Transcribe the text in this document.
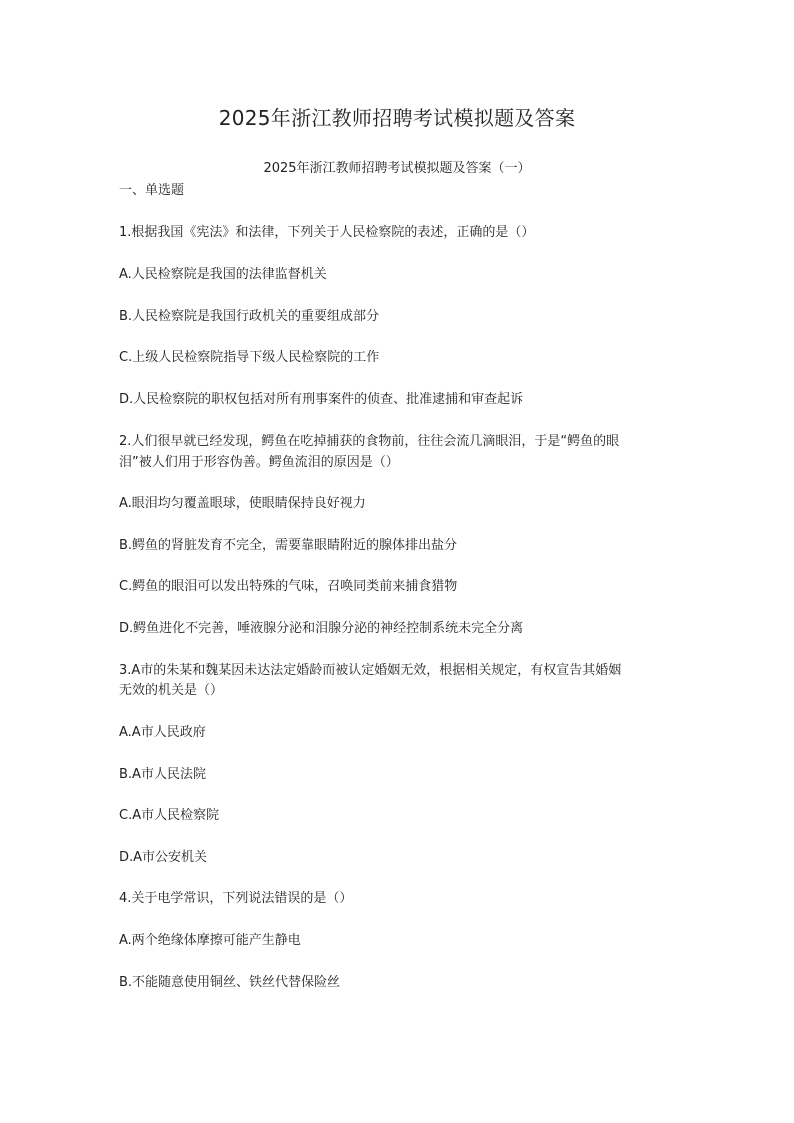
2025年浙江教师招聘考试模拟题及答案
2025年浙江教师招聘考试模拟题及答案（一）
一、单选题
1.根据我国《宪法》和法律，下列关于人民检察院的表述，正确的是（）
A.人民检察院是我国的法律监督机关
B.人民检察院是我国行政机关的重要组成部分
C.上级人民检察院指导下级人民检察院的工作
D.人民检察院的职权包括对所有刑事案件的侦查、批准逮捕和审查起诉
2.人们很早就已经发现，鳄鱼在吃掉捕获的食物前，往往会流几滴眼泪，于是“鳄鱼的眼
泪”被人们用于形容伪善。鳄鱼流泪的原因是（）
A.眼泪均匀覆盖眼球，使眼睛保持良好视力
B.鳄鱼的肾脏发育不完全，需要靠眼睛附近的腺体排出盐分
C.鳄鱼的眼泪可以发出特殊的气味，召唤同类前来捕食猎物
D.鳄鱼进化不完善，唾液腺分泌和泪腺分泌的神经控制系统未完全分离
3.A市的朱某和魏某因未达法定婚龄而被认定婚姻无效，根据相关规定，有权宣告其婚姻
无效的机关是（）
A.A市人民政府
B.A市人民法院
C.A市人民检察院
D.A市公安机关
4.关于电学常识，下列说法错误的是（）
A.两个绝缘体摩擦可能产生静电
B.不能随意使用铜丝、铁丝代替保险丝
